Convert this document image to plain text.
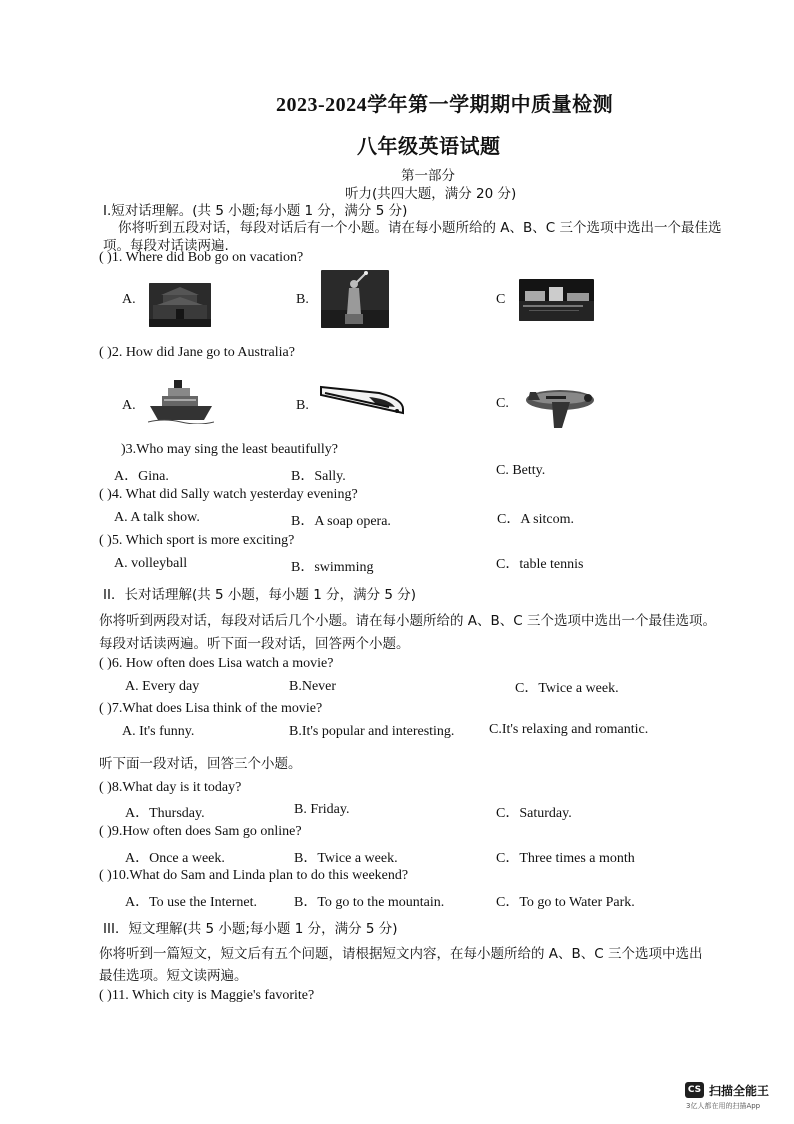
2023-2024学年第一学期期中质量检测
八年级英语试题
第一部分
听力(共四大题，满分 20 分)
I.短对话理解。(共 5 小题;每小题 1 分，满分 5 分)
你将听到五段对话，每段对话后有一个小题。请在每小题所给的 A、B、C 三个选项中选出一个最佳选
项。每段对话读两遍.
( )1. Where did Bob go on vacation?
A.	B.	C
( )2. How did Jane go to Australia?
A.	B.	C.
)3.Who may sing the least beautifully?
A．Gina.	B．Sally.	C. Betty.
( )4. What did Sally watch yesterday evening?
A. A talk show.	B．A soap opera.	C．A sitcom.
( )5. Which sport is more exciting?
A. volleyball	B．swimming	C．table tennis
II．长对话理解(共 5 小题，每小题 1 分，满分 5 分)
你将听到两段对话，每段对话后几个小题。请在每小题所给的 A、B、C 三个选项中选出一个最佳选项。
每段对话读两遍。听下面一段对话，回答两个小题。
( )6. How often does Lisa watch a movie?
A. Every day	B.Never	C．Twice a week.
( )7.What does Lisa think of the movie?
A. It's funny.	B.It's popular and interesting. C.It's relaxing and romantic.
听下面一段对话，回答三个小题。
( )8.What day is it today?
A．Thursday.	B. Friday.	C．Saturday.
( )9.How often does Sam go online?
A．Once a week.	B．Twice a week.	C．Three times a month
( )10.What do Sam and Linda plan to do this weekend?
A．To use the Internet.	B．To go to the mountain.	C．To go to Water Park.
III．短文理解(共 5 小题;每小题 1 分，满分 5 分)
你将听到一篇短文，短文后有五个问题，请根据短文内容，在每小题所给的 A、B、C 三个选项中选出
最佳选项。短文读两遍。
( )11. Which city is Maggie's favorite?
CS 扫描全能王
3亿人都在用的扫描App
